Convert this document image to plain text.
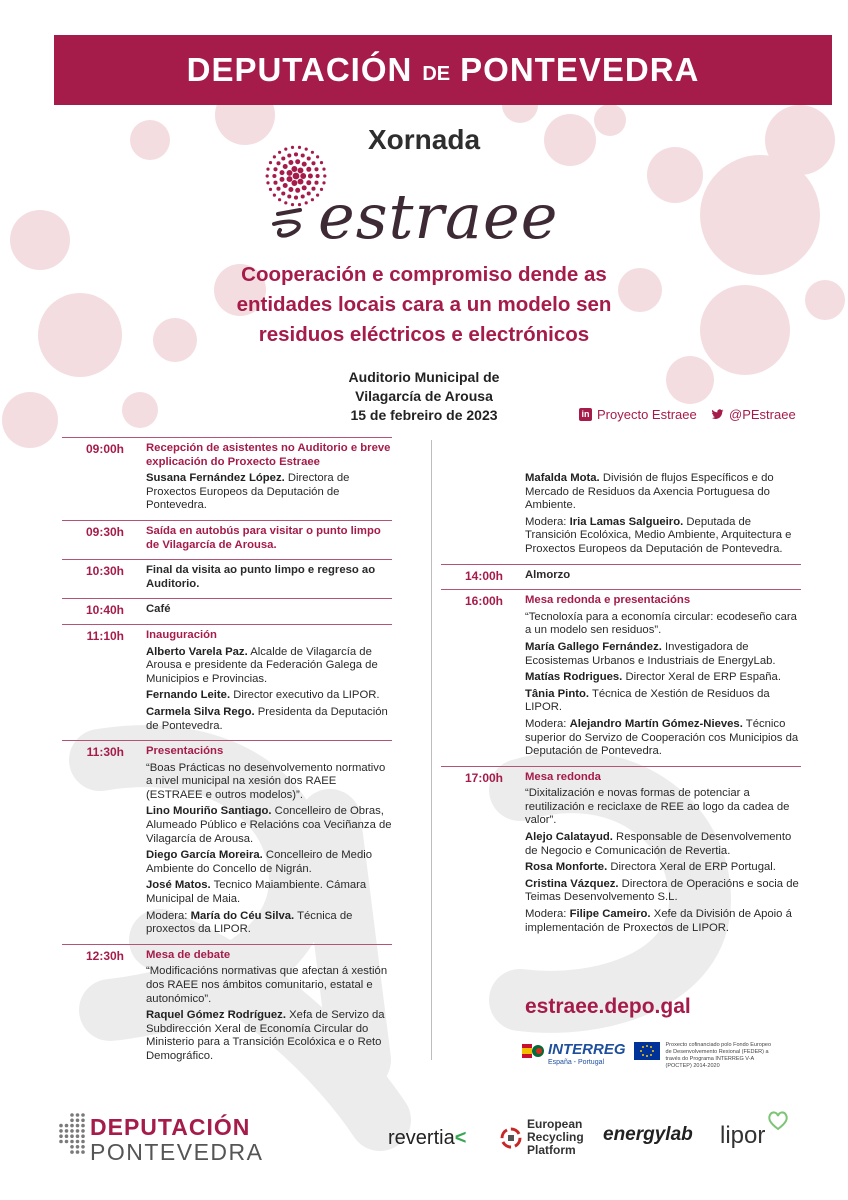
DEPUTACIÓN DE PONTEVEDRA
Xornada
estraee
Cooperación e compromiso dende as
entidades locais cara a un modelo sen
residuos eléctricos e electrónicos
Auditorio Municipal de
Vilagarcía de Arousa
15 de febreiro de 2023	in Proyecto Estraee @PEstraee
09:00h Recepción de asistentes no Auditorio e breve explicación do Proxecto Estraee
Susana Fernández López. Directora de Proxectos Europeos da Deputación de Pontevedra.
09:30h Saída en autobús para visitar o punto limpo de Vilagarcía de Arousa.
10:30h Final da visita ao punto limpo e regreso ao Auditorio.
10:40h Café
11:10h Inauguración
Alberto Varela Paz. Alcalde de Vilagarcía de Arousa e presidente da Federación Galega de Municipios e Provincias.
Fernando Leite. Director executivo da LIPOR.
Carmela Silva Rego. Presidenta da Deputación de Pontevedra.
11:30h Presentacións
“Boas Prácticas no desenvolvemento normativo a nivel municipal na xesión dos RAEE (ESTRAEE e outros modelos)”.
Lino Mouriño Santiago. Concelleiro de Obras, Alumeado Público e Relacións coa Veciñanza de Vilagarcía de Arousa.
Diego García Moreira. Concelleiro de Medio Ambiente do Concello de Nigrán.
José Matos. Tecnico Maiambiente. Cámara Municipal de Maia.
Modera: María do Céu Silva. Técnica de proxectos da LIPOR.
12:30h Mesa de debate
“Modificacións normativas que afectan á xestión dos RAEE nos ámbitos comunitario, estatal e autonómico”.
Raquel Gómez Rodríguez. Xefa de Servizo da Subdirección Xeral de Economía Circular do Ministerio para a Transición Ecolóxica e o Reto Demográfico.
Mafalda Mota. División de flujos Específicos e do Mercado de Residuos da Axencia Portuguesa do Ambiente.
Modera: Iria Lamas Salgueiro. Deputada de Transición Ecolóxica, Medio Ambiente, Arquitectura e Proxectos Europeos da Deputación de Pontevedra.
14:00h Almorzo
16:00h Mesa redonda e presentacións
“Tecnoloxía para a economía circular: ecodeseño cara a un modelo sen residuos”.
María Gallego Fernández. Investigadora de Ecosistemas Urbanos e Industriais de EnergyLab.
Matías Rodrigues. Director Xeral de ERP España.
Tânia Pinto. Técnica de Xestión de Residuos da LIPOR.
Modera: Alejandro Martín Gómez-Nieves. Técnico superior do Servizo de Cooperación cos Municipios da Deputación de Pontevedra.
17:00h Mesa redonda
“Dixitalización e novas formas de potenciar a reutilización e reciclaxe de REE ao logo da cadea de valor”.
Alejo Calatayud. Responsable de Desenvolvemento de Negocio e Comunicación de Revertia.
Rosa Monforte. Directora Xeral de ERP Portugal.
Cristina Vázquez. Directora de Operacións e socia de Teimas Desenvolvemento S.L.
Modera: Filipe Cameiro. Xefe da División de Apoio á implementación de Proxectos de LIPOR.
estraee.depo.gal
INTERREG
España - Portugal
Proxecto cofinanciado polo Fondo Europeo de Desenvolvemento Rexional (FEDER) a través do Programa INTERREG V-A (POCTEP) 2014-2020
DEPUTACIÓN
PONTEVEDRA
revertia<
European
Recycling
Platform
energylab lipor
